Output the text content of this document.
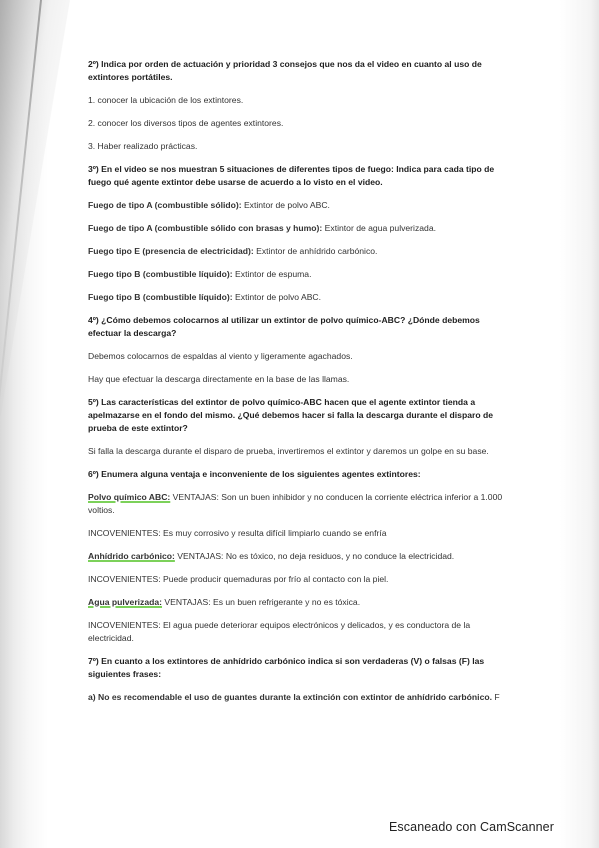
2º) Indica por orden de actuación y prioridad 3 consejos que nos da el video en cuanto al uso de extintores portátiles.
1. conocer la ubicación de los extintores.
2. conocer los diversos tipos de agentes extintores.
3. Haber realizado prácticas.
3º) En el video se nos muestran 5 situaciones de diferentes tipos de fuego: Indica para cada tipo de fuego qué agente extintor debe usarse de acuerdo a lo visto en el video.
Fuego de tipo A (combustible sólido): Extintor de polvo ABC.
Fuego de tipo A (combustible sólido con brasas y humo): Extintor de agua pulverizada.
Fuego tipo E (presencia de electricidad): Extintor de anhídrido carbónico.
Fuego tipo B (combustible líquido): Extintor de espuma.
Fuego tipo B (combustible líquido): Extintor de polvo ABC.
4º) ¿Cómo debemos colocarnos al utilizar un extintor de polvo químico-ABC? ¿Dónde debemos efectuar la descarga?
Debemos colocarnos de espaldas al viento y ligeramente agachados.
Hay que efectuar la descarga directamente en la base de las llamas.
5º) Las características del extintor de polvo químico-ABC hacen que el agente extintor tienda a apelmazarse en el fondo del mismo. ¿Qué debemos hacer si falla la descarga durante el disparo de prueba de este extintor?
Si falla la descarga durante el disparo de prueba, invertiremos el extintor y daremos un golpe en su base.
6º) Enumera alguna ventaja e inconveniente de los siguientes agentes extintores:
Polvo químico ABC: VENTAJAS: Son un buen inhibidor y no conducen la corriente eléctrica inferior a 1.000 voltios.
INCOVENIENTES: Es muy corrosivo y resulta difícil limpiarlo cuando se enfría
Anhídrido carbónico: VENTAJAS: No es tóxico, no deja residuos, y no conduce la electricidad.
INCOVENIENTES: Puede producir quemaduras por frío al contacto con la piel.
Agua pulverizada: VENTAJAS: Es un buen refrigerante y no es tóxica.
INCOVENIENTES: El agua puede deteriorar equipos electrónicos y delicados, y es conductora de la electricidad.
7º) En cuanto a los extintores de anhídrido carbónico indica si son verdaderas (V) o falsas (F) las siguientes frases:
a) No es recomendable el uso de guantes durante la extinción con extintor de anhídrido carbónico. F
Escaneado con CamScanner
